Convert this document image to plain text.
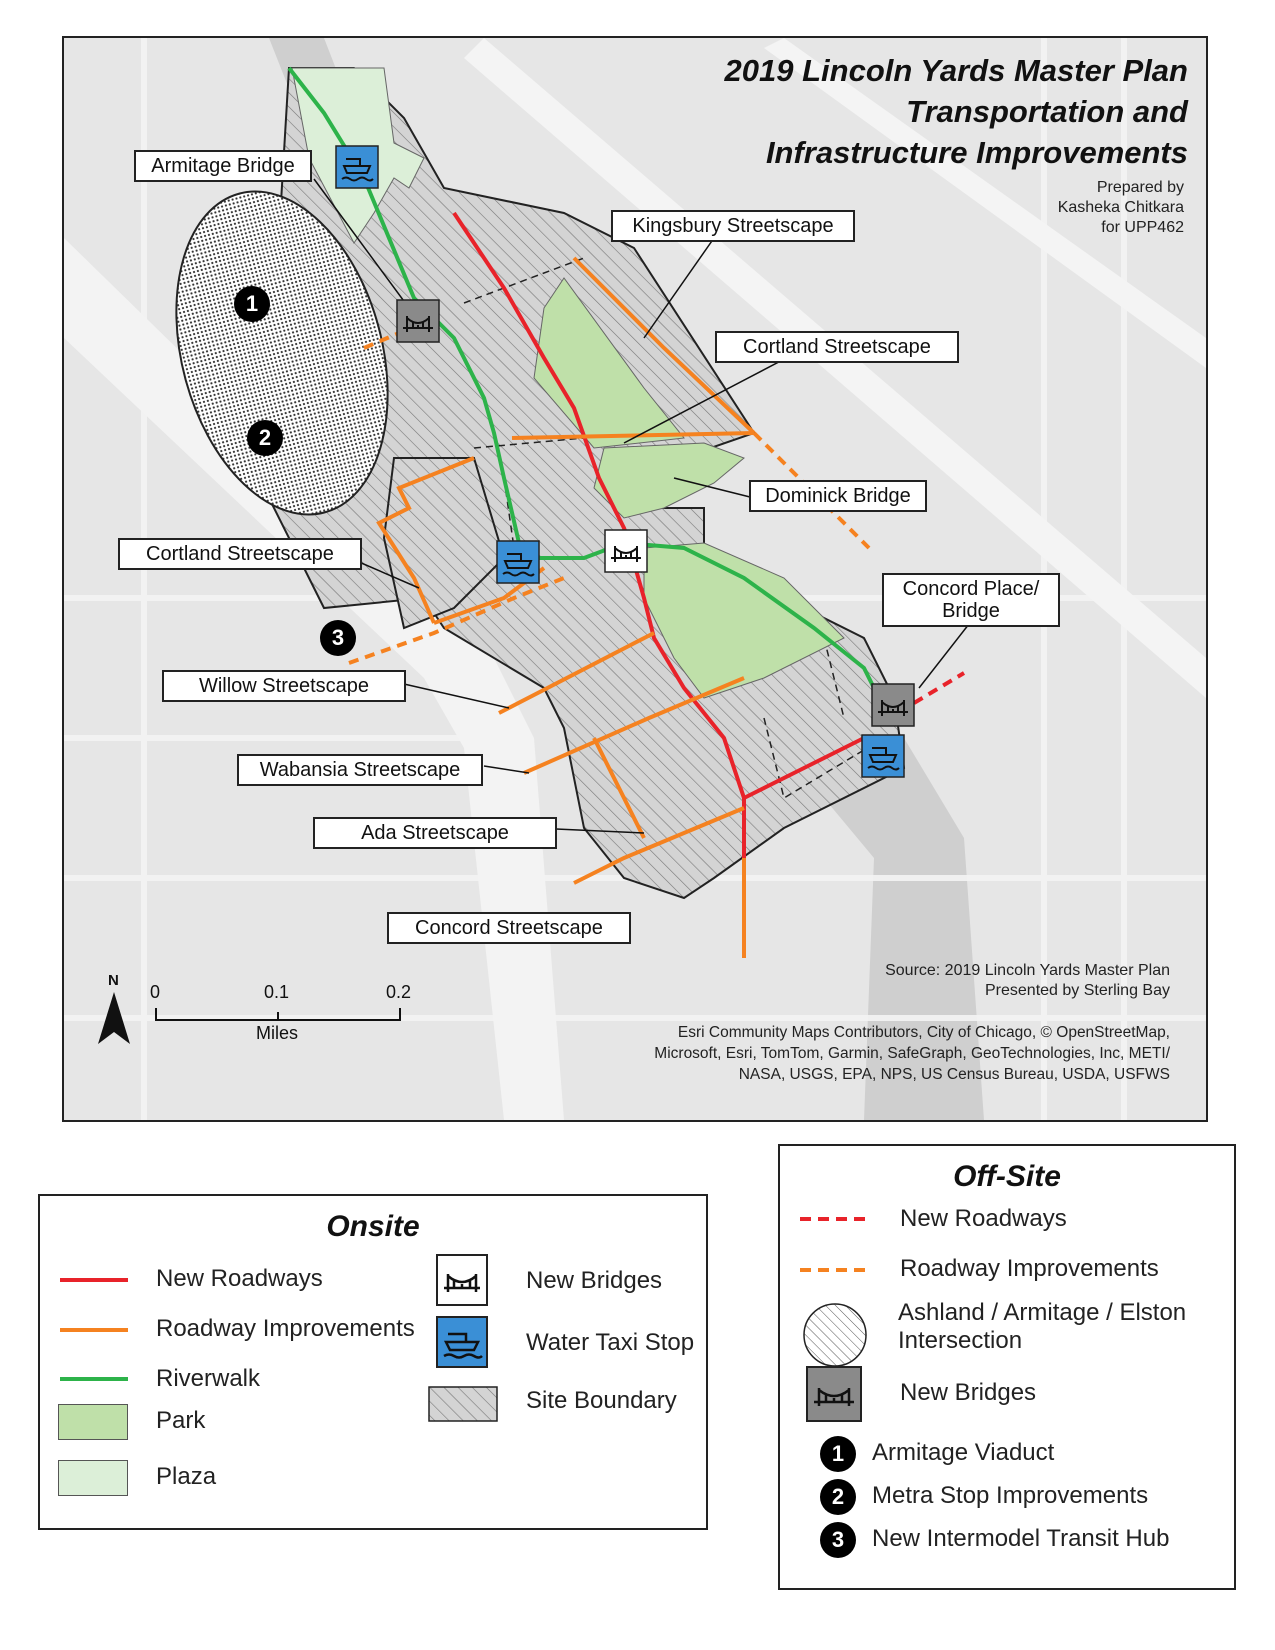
2019 Lincoln Yards Master Plan
Transportation and
Infrastructure Improvements
Prepared by
Kasheka Chitkara
for UPP462
Source: 2019 Lincoln Yards Master Plan
Presented by Sterling Bay
Esri Community Maps Contributors, City of Chicago, © OpenStreetMap,
Microsoft, Esri, TomTom, Garmin, SafeGraph, GeoTechnologies, Inc, METI/
NASA, USGS, EPA, NPS, US Census Bureau, USDA, USFWS
Armitage Bridge
Kingsbury Streetscape
Cortland Streetscape
Dominick Bridge
Cortland Streetscape
Concord Place/
Bridge
Willow Streetscape
Wabansia Streetscape
Ada Streetscape
Concord Streetscape
1
2
3
N
0	0.1	0.2
Miles
Onsite
New Roadways
Roadway Improvements
Riverwalk
Park
Plaza
New Bridges
Water Taxi Stop
Site Boundary
Off-Site
New Roadways
Roadway Improvements
Ashland / Armitage / Elston
Intersection
New Bridges
1	Armitage Viaduct
2	Metra Stop Improvements
3	New Intermodel Transit Hub
